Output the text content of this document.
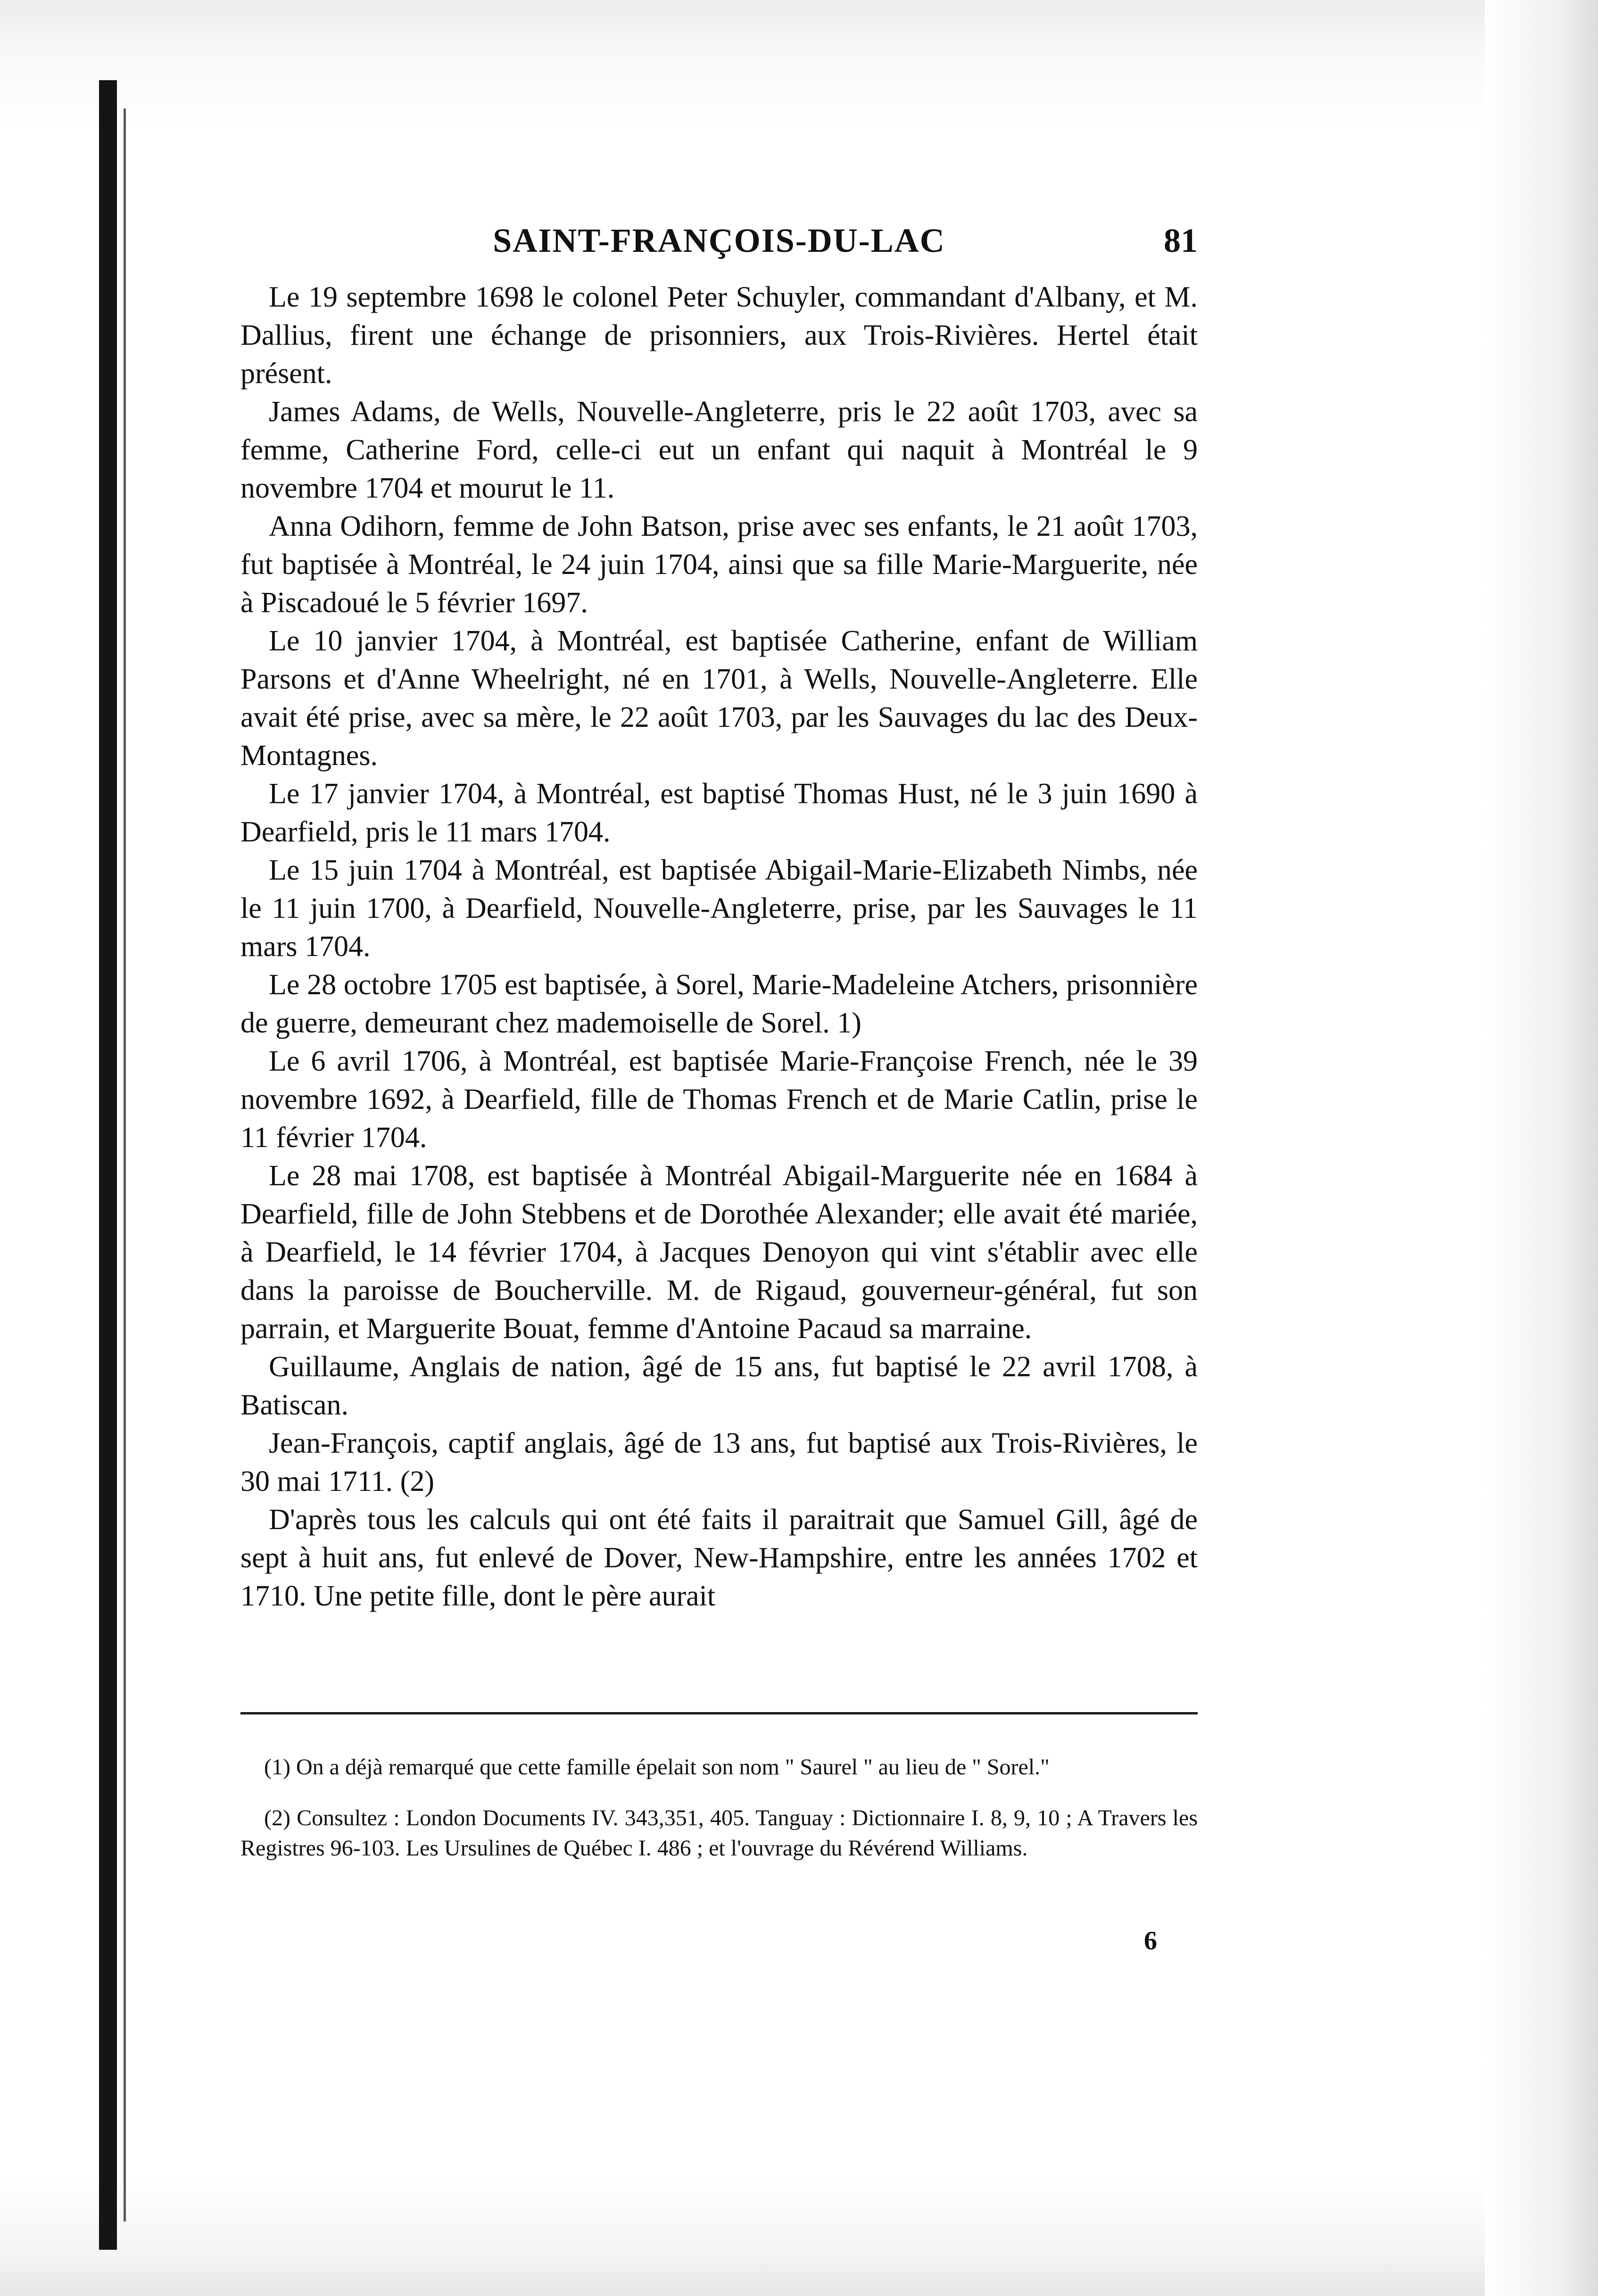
SAINT-FRANÇOIS-DU-LAC	81

Le 19 septembre 1698 le colonel Peter Schuyler, commandant d'Albany, et M. Dallius, firent une échange de prisonniers, aux Trois-Rivières. Hertel était présent.

James Adams, de Wells, Nouvelle-Angleterre, pris le 22 août 1703, avec sa femme, Catherine Ford, celle-ci eut un enfant qui naquit à Montréal le 9 novembre 1704 et mourut le 11.

Anna Odihorn, femme de John Batson, prise avec ses enfants, le 21 août 1703, fut baptisée à Montréal, le 24 juin 1704, ainsi que sa fille Marie-Marguerite, née à Piscadoué le 5 février 1697.

Le 10 janvier 1704, à Montréal, est baptisée Catherine, enfant de William Parsons et d'Anne Wheelright, né en 1701, à Wells, Nouvelle-Angleterre. Elle avait été prise, avec sa mère, le 22 août 1703, par les Sauvages du lac des Deux-Montagnes.

Le 17 janvier 1704, à Montréal, est baptisé Thomas Hust, né le 3 juin 1690 à Dearfield, pris le 11 mars 1704.

Le 15 juin 1704 à Montréal, est baptisée Abigail-Marie-Elizabeth Nimbs, née le 11 juin 1700, à Dearfield, Nouvelle-Angleterre, prise, par les Sauvages le 11 mars 1704.

Le 28 octobre 1705 est baptisée, à Sorel, Marie-Madeleine Atchers, prisonnière de guerre, demeurant chez mademoiselle de Sorel. 1)

Le 6 avril 1706, à Montréal, est baptisée Marie-Françoise French, née le 39 novembre 1692, à Dearfield, fille de Thomas French et de Marie Catlin, prise le 11 février 1704.

Le 28 mai 1708, est baptisée à Montréal Abigail-Marguerite née en 1684 à Dearfield, fille de John Stebbens et de Dorothée Alexander; elle avait été mariée, à Dearfield, le 14 février 1704, à Jacques Denoyon qui vint s'établir avec elle dans la paroisse de Boucherville. M. de Rigaud, gouverneur-général, fut son parrain, et Marguerite Bouat, femme d'Antoine Pacaud sa marraine.

Guillaume, Anglais de nation, âgé de 15 ans, fut baptisé le 22 avril 1708, à Batiscan.

Jean-François, captif anglais, âgé de 13 ans, fut baptisé aux Trois-Rivières, le 30 mai 1711. (2)

D'après tous les calculs qui ont été faits il paraitrait que Samuel Gill, âgé de sept à huit ans, fut enlevé de Dover, New-Hampshire, entre les années 1702 et 1710. Une petite fille, dont le père aurait

(1) On a déjà remarqué que cette famille épelait son nom " Saurel " au lieu de " Sorel."

(2) Consultez : London Documents IV. 343,351, 405. Tanguay : Dictionnaire I. 8, 9, 10 ; A Travers les Registres 96-103. Les Ursulines de Québec I. 486 ; et l'ouvrage du Révérend Williams.

6
